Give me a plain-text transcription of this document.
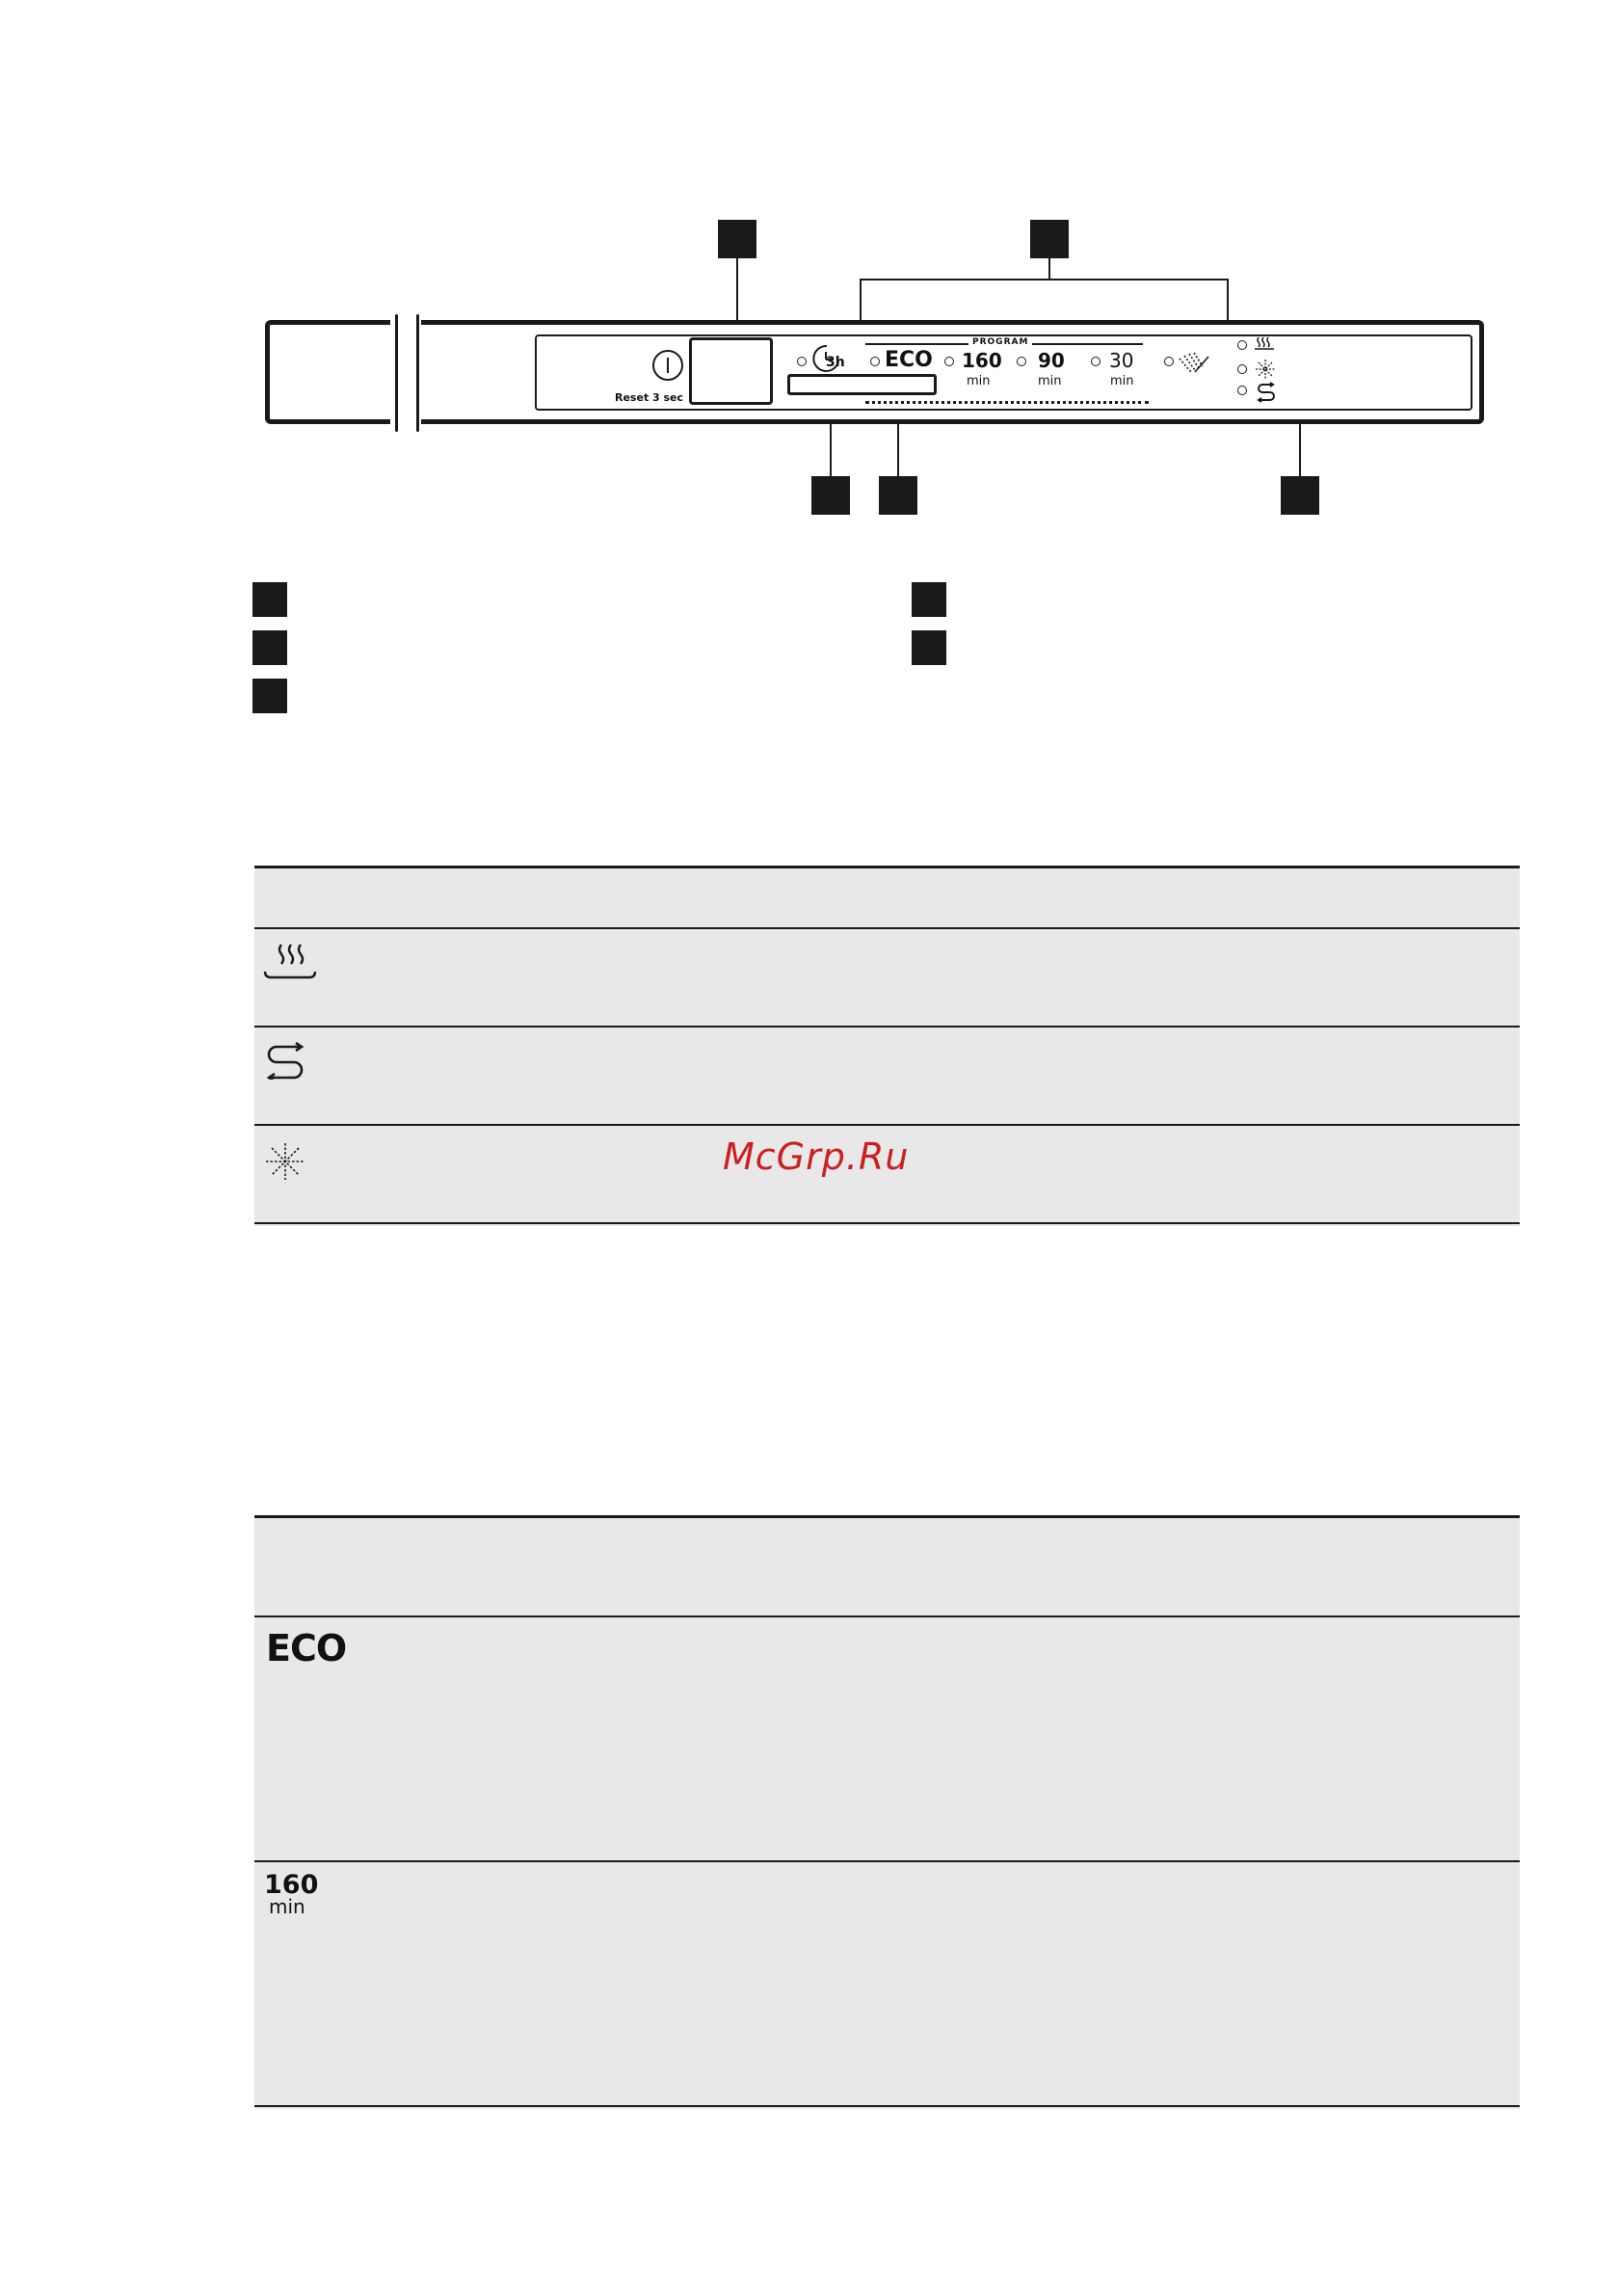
Reset 3 sec
3h
PROGRAM
ECO 160
min
90
min
30
min
McGrp.Ru
ECO
160
min
